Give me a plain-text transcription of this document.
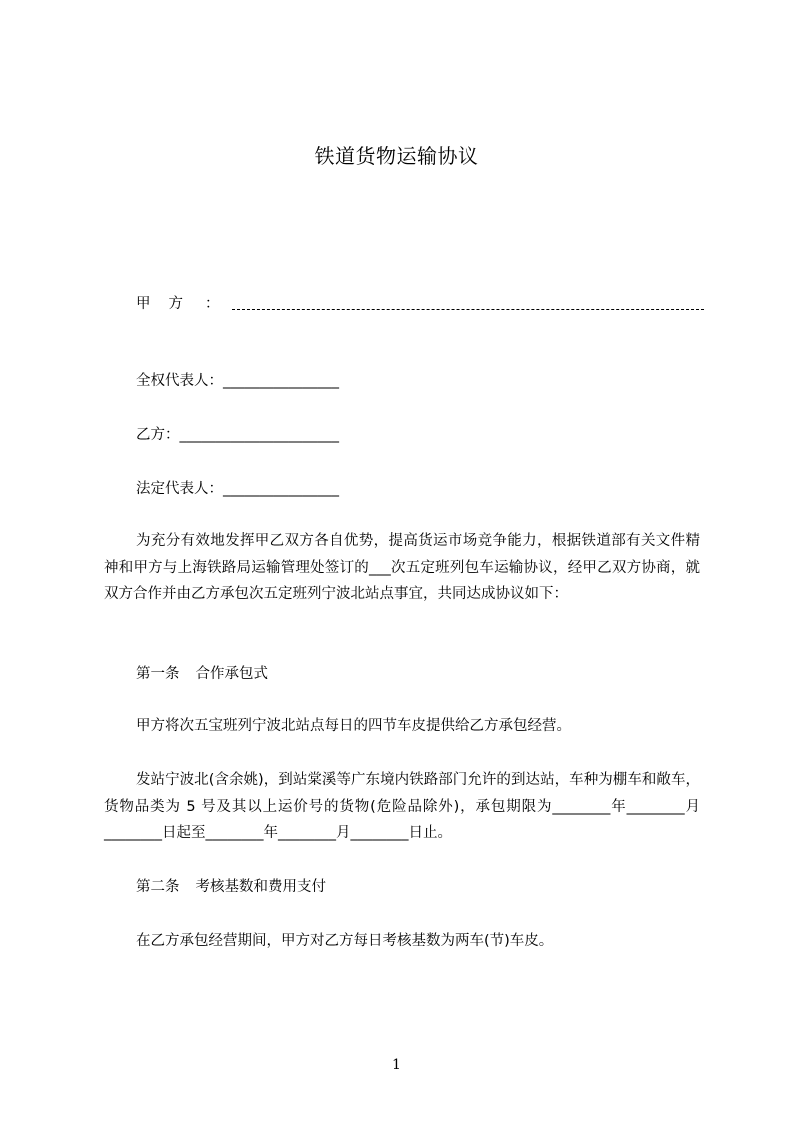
铁道货物运输协议
甲方 ：
全权代表人：________________
乙方：______________________
法定代表人：________________
为充分有效地发挥甲乙双方各自优势，提高货运市场竞争能力，根据铁道部有关文件精神和甲方与上海铁路局运输管理处签订的___次五定班列包车运输协议，经甲乙双方协商，就双方合作并由乙方承包次五定班列宁波北站点事宜，共同达成协议如下：
第一条 合作承包式
甲方将次五宝班列宁波北站点每日的四节车皮提供给乙方承包经营。
发站宁波北(含余姚)，到站棠溪等广东境内铁路部门允许的到达站，车种为棚车和敞车，货物品类为 5 号及其以上运价号的货物(危险品除外)，承包期限为________年________月________日起至________年________月________日止。
第二条 考核基数和费用支付
在乙方承包经营期间，甲方对乙方每日考核基数为两车(节)车皮。
1
